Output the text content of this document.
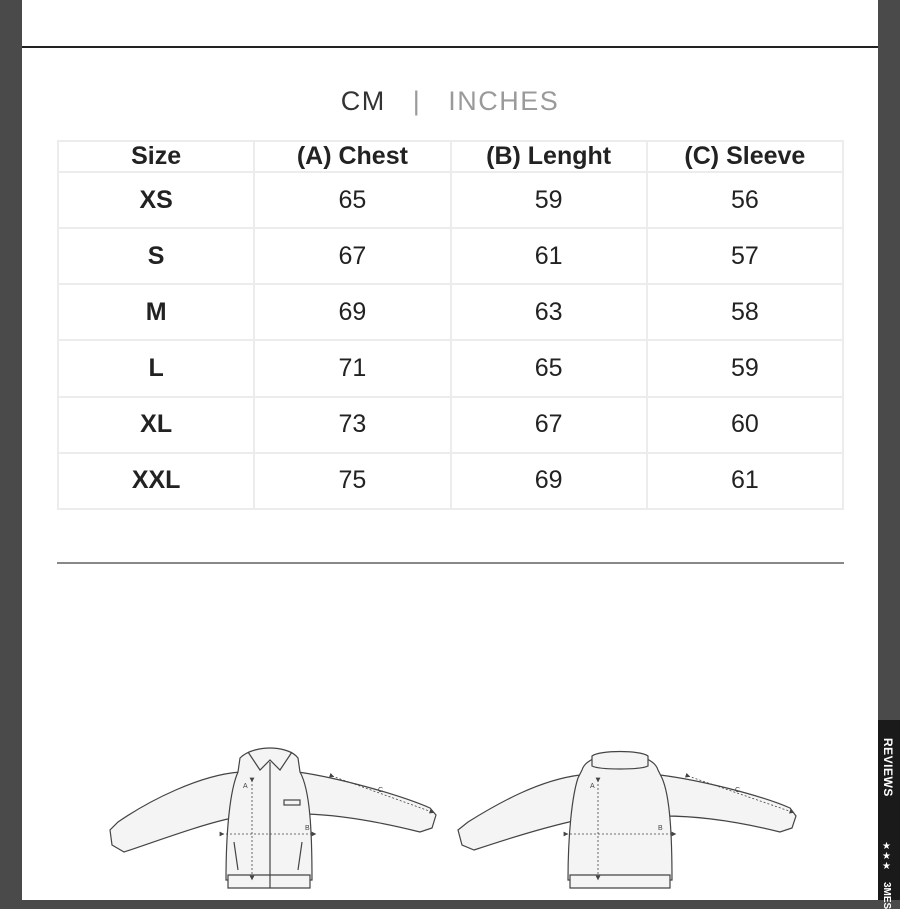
CM | INCHES
Size	(A) Chest	(B) Lenght	(C) Sleeve
XS	65	59	56
S	67	61	57
M	69	63	58
L	71	65	59
XL	73	67	60
XXL	75	69	61
A
B
C
A
B
C	REVIEWS
★
★
★
3MES
